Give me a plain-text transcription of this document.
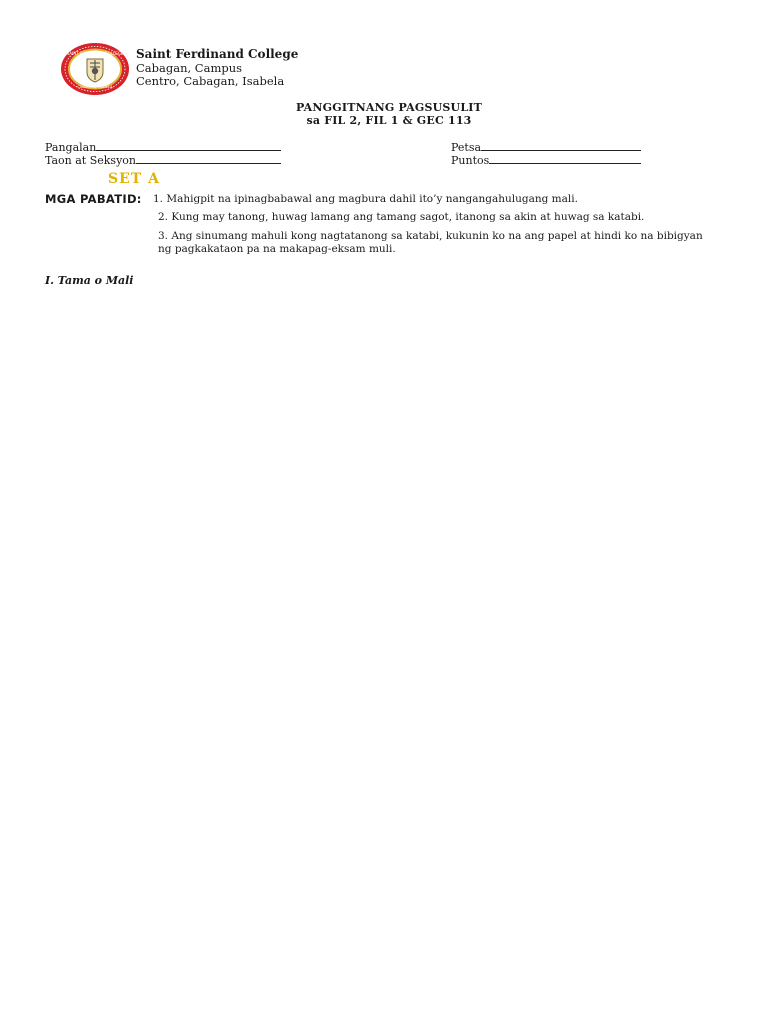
SAINT FERDINAND COLLEGE
CABAGAN, ISABELA
Saint Ferdinand College
Cabagan, Campus
Centro, Cabagan, Isabela
PANGGITNANG PAGSUSULIT
sa FIL 2, FIL 1 & GEC 113
Pangalan	Petsa
Taon at Seksyon	Puntos
SET A
MGA PABATID: 1. Mahigpit na ipinagbabawal ang magbura dahil ito’y nangangahulugang mali.
2. Kung may tanong, huwag lamang ang tamang sagot, itanong sa akin at huwag sa katabi.
3. Ang sinumang mahuli kong nagtatanong sa katabi, kukunin ko na ang papel at hindi ko na bibigyan
ng pagkakataon pa na makapag-eksam muli.
I. Tama o Mali
